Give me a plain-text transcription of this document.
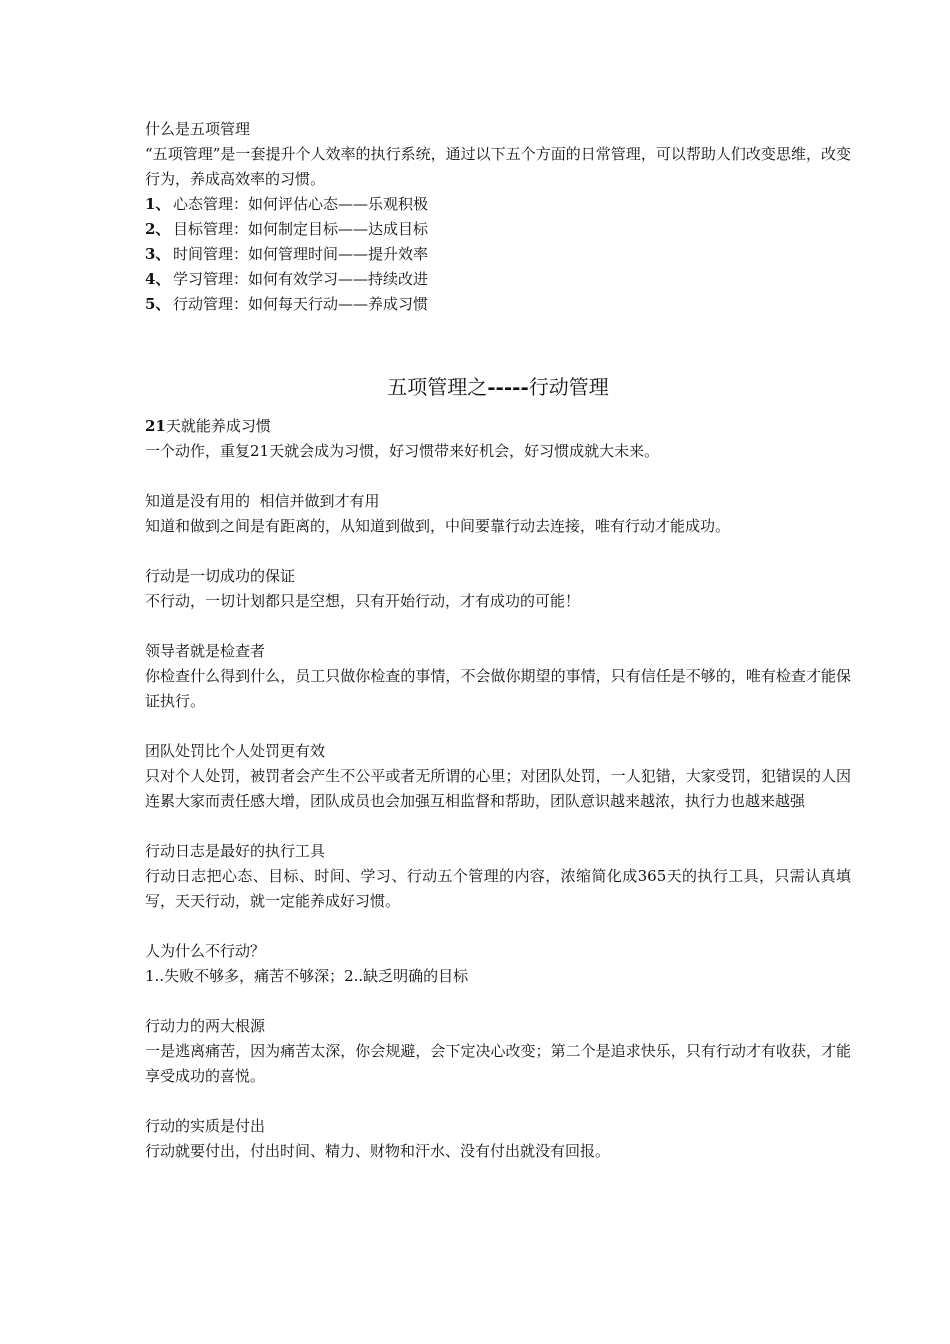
什么是五项管理

“五项管理”是一套提升个人效率的执行系统，通过以下五个方面的日常管理，可以帮助人们改变思维，改变行为，养成高效率的习惯。

1、 心态管理：如何评估心态——乐观积极
2、 目标管理：如何制定目标——达成目标
3、 时间管理：如何管理时间——提升效率
4、 学习管理：如何有效学习——持续改进
5、 行动管理：如何每天行动——养成习惯
五项管理之-----行动管理

21天就能养成习惯

一个动作，重复21天就会成为习惯，好习惯带来好机会，好习惯成就大未来。

知道是没有用的  相信并做到才有用

知道和做到之间是有距离的，从知道到做到，中间要靠行动去连接，唯有行动才能成功。

行动是一切成功的保证

不行动，一切计划都只是空想，只有开始行动，才有成功的可能！

领导者就是检查者

你检查什么得到什么，员工只做你检查的事情，不会做你期望的事情，只有信任是不够的，唯有检查才能保证执行。

团队处罚比个人处罚更有效

只对个人处罚，被罚者会产生不公平或者无所谓的心里；对团队处罚，一人犯错，大家受罚，犯错误的人因连累大家而责任感大增，团队成员也会加强互相监督和帮助，团队意识越来越浓，执行力也越来越强

行动日志是最好的执行工具

行动日志把心态、目标、时间、学习、行动五个管理的内容，浓缩简化成365天的执行工具，只需认真填写，天天行动，就一定能养成好习惯。

人为什么不行动？

1..失败不够多，痛苦不够深；2..缺乏明确的目标

行动力的两大根源

一是逃离痛苦，因为痛苦太深，你会规避，会下定决心改变；第二个是追求快乐，只有行动才有收获，才能享受成功的喜悦。

行动的实质是付出

行动就要付出，付出时间、精力、财物和汗水、没有付出就没有回报。
